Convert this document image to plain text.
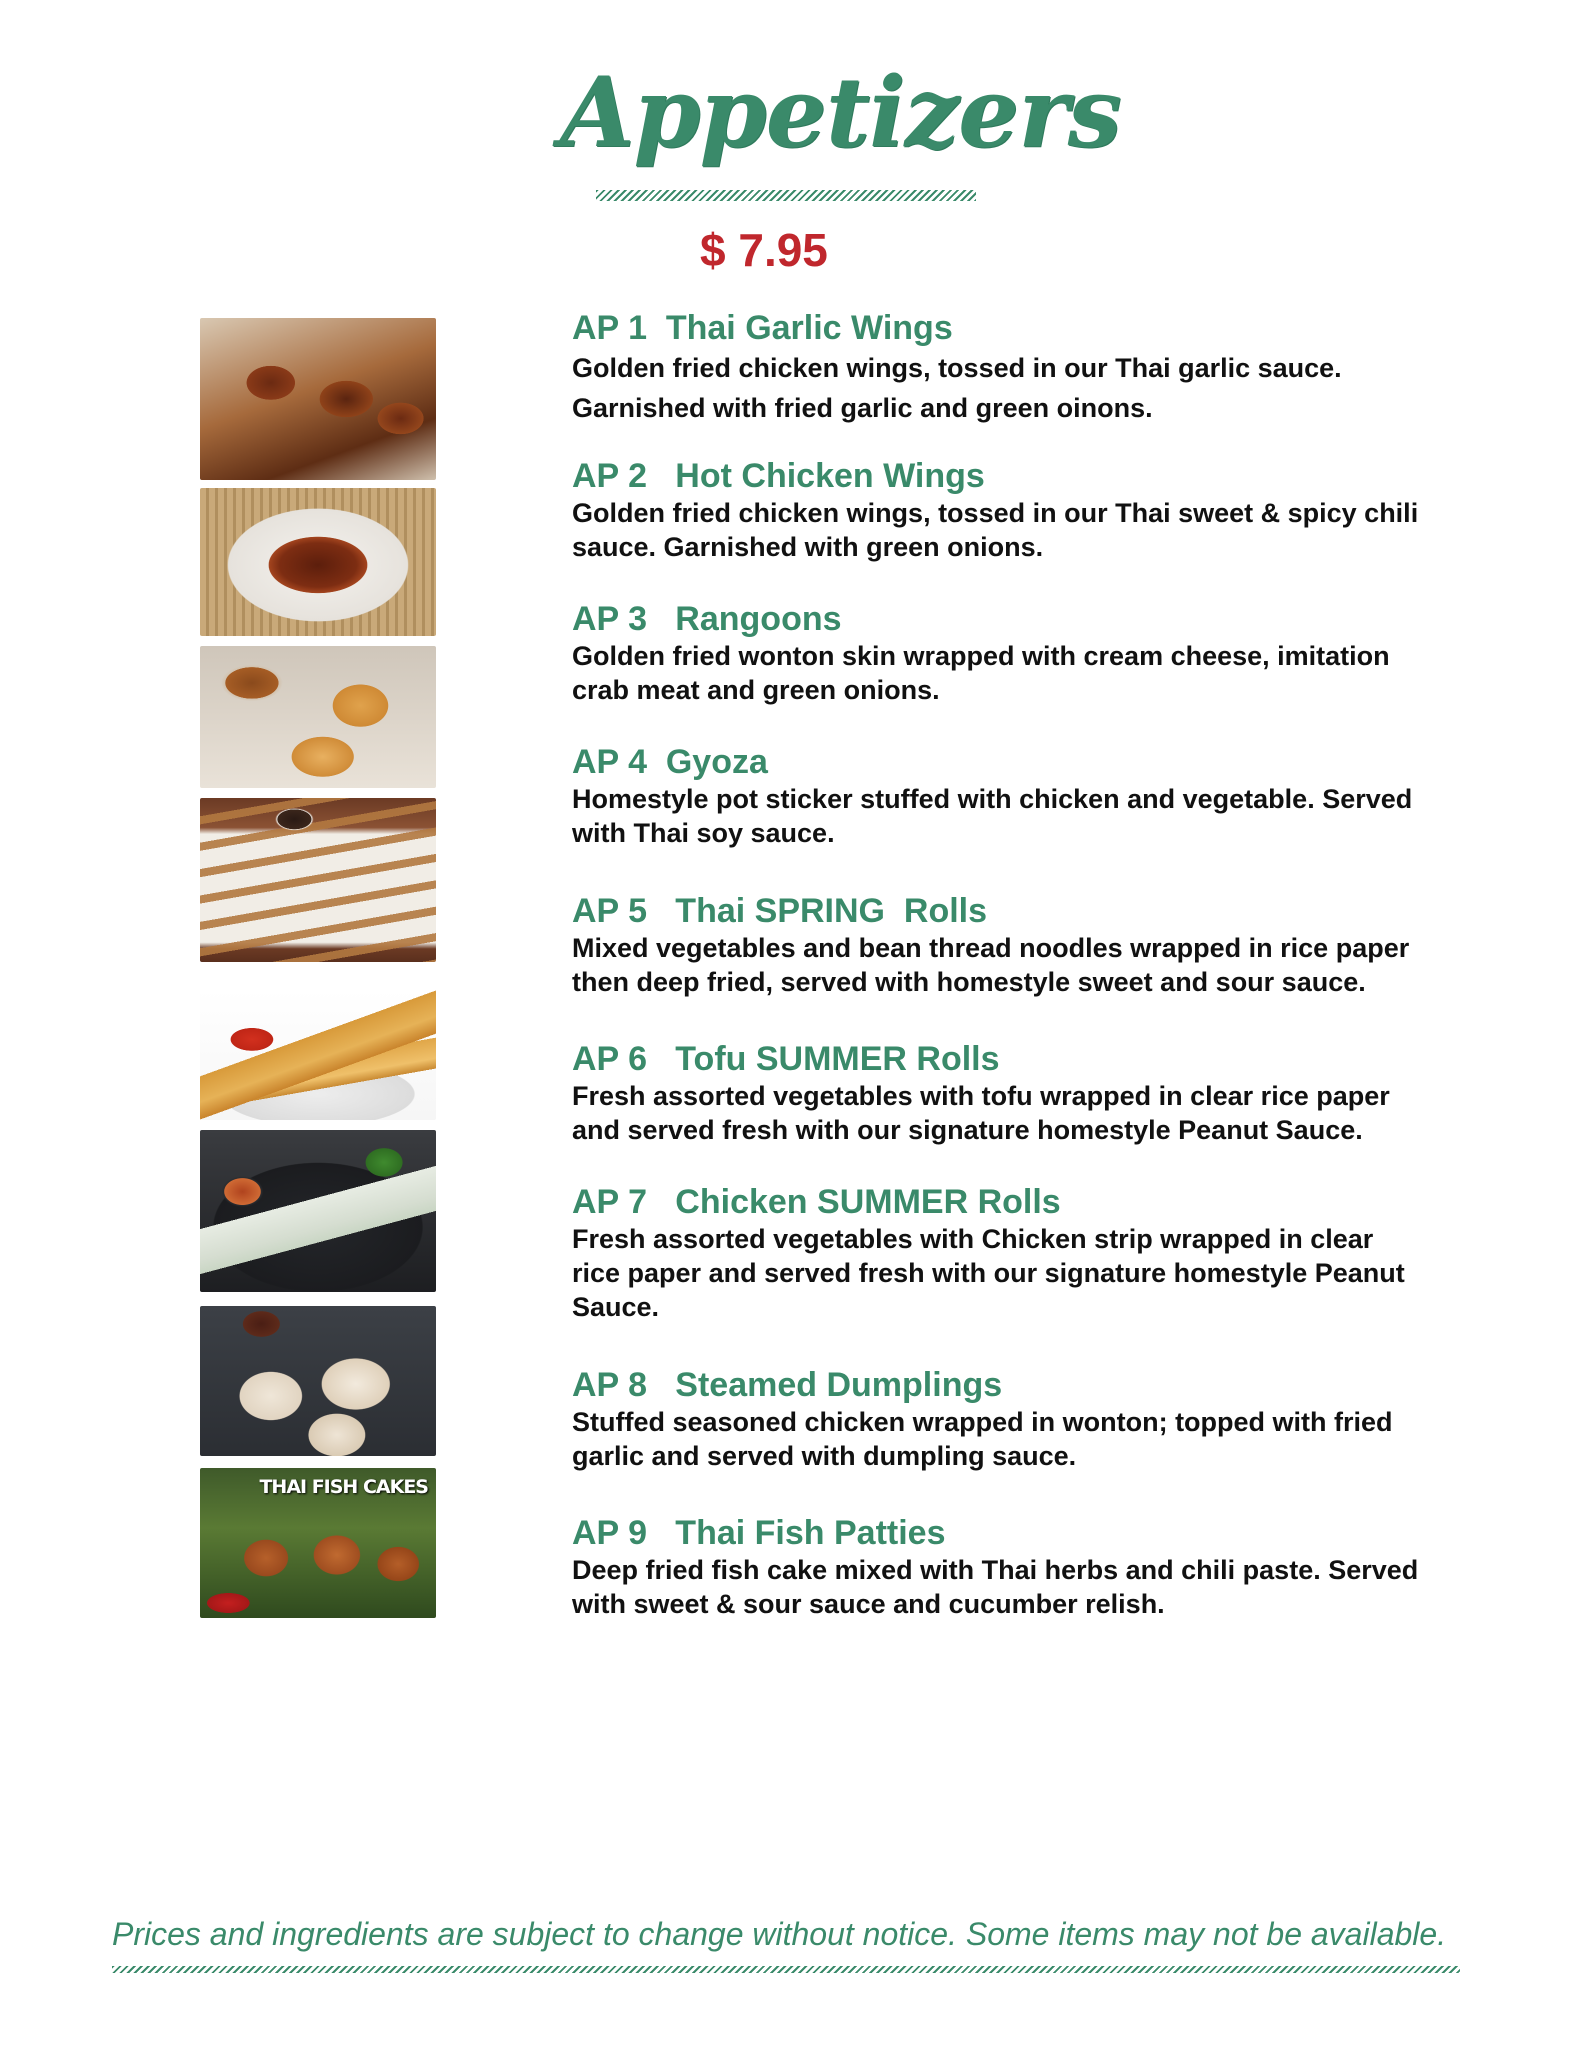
Appetizers
$ 7.95
THAI FISH CAKES
AP 1  Thai Garlic Wings
Golden fried chicken wings, tossed in our Thai garlic sauce.
Garnished with fried garlic and green oinons.
AP 2   Hot Chicken Wings
Golden fried chicken wings, tossed in our Thai sweet & spicy chili
sauce. Garnished with green onions.
AP 3   Rangoons
Golden fried wonton skin wrapped with cream cheese, imitation
crab meat and green onions.
AP 4  Gyoza
Homestyle pot sticker stuffed with chicken and vegetable. Served
with Thai soy sauce.
AP 5   Thai SPRING  Rolls
Mixed vegetables and bean thread noodles wrapped in rice paper
then deep fried, served with homestyle sweet and sour sauce.
AP 6   Tofu SUMMER Rolls
Fresh assorted vegetables with tofu wrapped in clear rice paper
and served fresh with our signature homestyle Peanut Sauce.
AP 7   Chicken SUMMER Rolls
Fresh assorted vegetables with Chicken strip wrapped in clear
rice paper and served fresh with our signature homestyle Peanut
Sauce.
AP 8   Steamed Dumplings
Stuffed seasoned chicken wrapped in wonton; topped with fried
garlic and served with dumpling sauce.
AP 9   Thai Fish Patties
Deep fried fish cake mixed with Thai herbs and chili paste. Served
with sweet & sour sauce and cucumber relish.
Prices and ingredients are subject to change without notice. Some items may not be available.
